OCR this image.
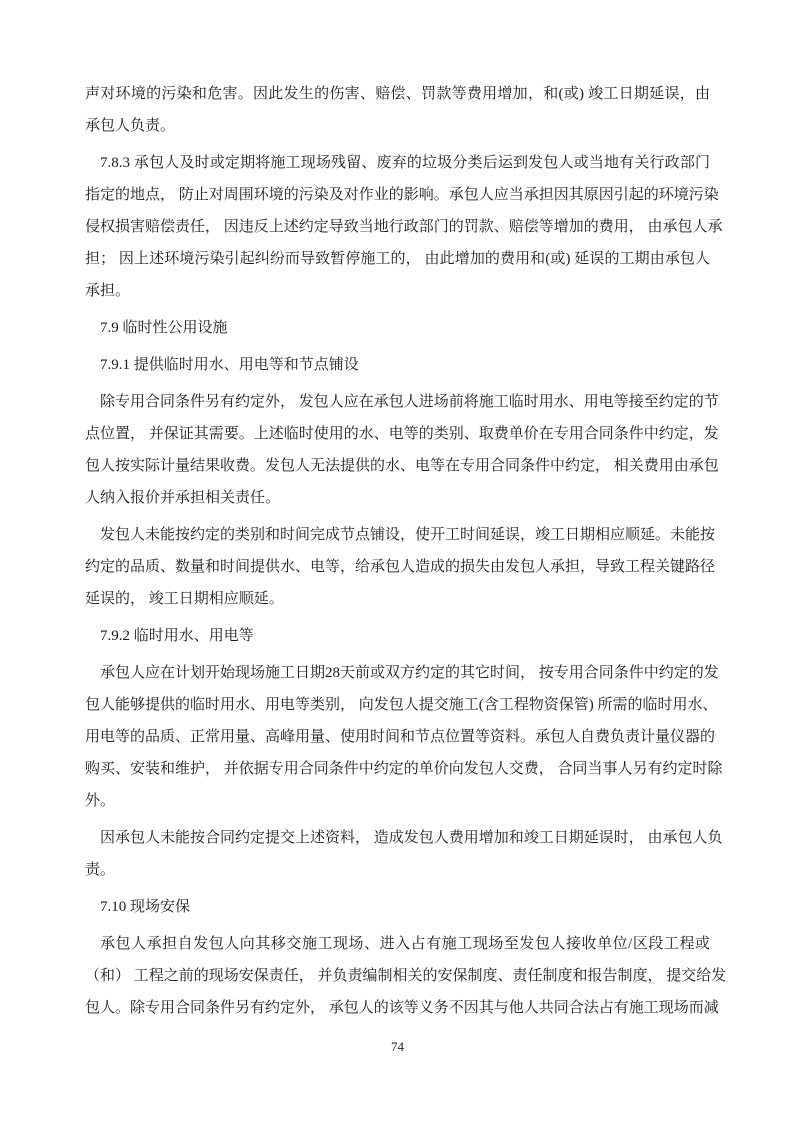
声对环境的污染和危害。因此发生的伤害、赔偿、罚款等费用增加，和(或) 竣工日期延误，由
承包人负责。
7.8.3 承包人及时或定期将施工现场残留、废弃的垃圾分类后运到发包人或当地有关行政部门
指定的地点， 防止对周围环境的污染及对作业的影响。承包人应当承担因其原因引起的环境污染
侵权损害赔偿责任， 因违反上述约定导致当地行政部门的罚款、赔偿等增加的费用， 由承包人承
担； 因上述环境污染引起纠纷而导致暂停施工的， 由此增加的费用和(或) 延误的工期由承包人
承担。
7.9 临时性公用设施
7.9.1 提供临时用水、用电等和节点铺设
除专用合同条件另有约定外， 发包人应在承包人进场前将施工临时用水、用电等接至约定的节
点位置， 并保证其需要。上述临时使用的水、电等的类别、取费单价在专用合同条件中约定，发
包人按实际计量结果收费。发包人无法提供的水、电等在专用合同条件中约定， 相关费用由承包
人纳入报价并承担相关责任。
发包人未能按约定的类别和时间完成节点铺设，使开工时间延误，竣工日期相应顺延。未能按
约定的品质、数量和时间提供水、电等，给承包人造成的损失由发包人承担，导致工程关键路径
延误的， 竣工日期相应顺延。
7.9.2 临时用水、用电等
承包人应在计划开始现场施工日期28天前或双方约定的其它时间， 按专用合同条件中约定的发
包人能够提供的临时用水、用电等类别， 向发包人提交施工(含工程物资保管) 所需的临时用水、
用电等的品质、正常用量、高峰用量、使用时间和节点位置等资料。承包人自费负责计量仪器的
购买、安装和维护， 并依据专用合同条件中约定的单价向发包人交费， 合同当事人另有约定时除
外。
因承包人未能按合同约定提交上述资料， 造成发包人费用增加和竣工日期延误时， 由承包人负
责。
7.10 现场安保
承包人承担自发包人向其移交施工现场、进入占有施工现场至发包人接收单位/区段工程或
（和） 工程之前的现场安保责任， 并负责编制相关的安保制度、责任制度和报告制度， 提交给发
包人。除专用合同条件另有约定外， 承包人的该等义务不因其与他人共同合法占有施工现场而减
74
